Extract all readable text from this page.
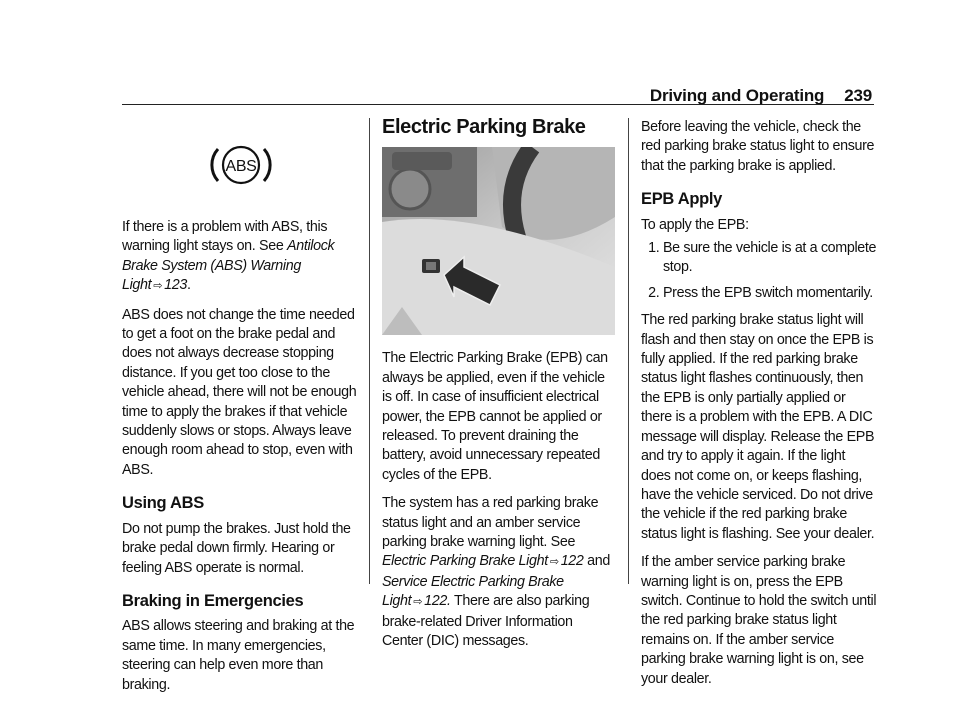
Driving and Operating 239
ABS

If there is a problem with ABS, this warning light stays on. See Antilock Brake System (ABS) Warning Light ⇨ 123.

ABS does not change the time needed to get a foot on the brake pedal and does not always decrease stopping distance. If you get too close to the vehicle ahead, there will not be enough time to apply the brakes if that vehicle suddenly slows or stops. Always leave enough room ahead to stop, even with ABS.

Using ABS

Do not pump the brakes. Just hold the brake pedal down firmly. Hearing or feeling ABS operate is normal.

Braking in Emergencies

ABS allows steering and braking at the same time. In many emergencies, steering can help even more than braking.

Electric Parking Brake

The Electric Parking Brake (EPB) can always be applied, even if the vehicle is off. In case of insufficient electrical power, the EPB cannot be applied or released. To prevent draining the battery, avoid unnecessary repeated cycles of the EPB.

The system has a red parking brake status light and an amber service parking brake warning light. See Electric Parking Brake Light ⇨ 122 and
Service Electric Parking Brake Light ⇨ 122. There are also parking brake-related Driver Information Center (DIC) messages.

Before leaving the vehicle, check the red parking brake status light to ensure that the parking brake is applied.

EPB Apply

To apply the EPB:

1. Be sure the vehicle is at a complete stop.
2. Press the EPB switch momentarily.

The red parking brake status light will flash and then stay on once the EPB is fully applied. If the red parking brake status light flashes continuously, then the EPB is only partially applied or there is a problem with the EPB. A DIC message will display. Release the EPB and try to apply it again. If the light does not come on, or keeps flashing, have the vehicle serviced. Do not drive the vehicle if the red parking brake status light is flashing. See your dealer.

If the amber service parking brake warning light is on, press the EPB switch. Continue to hold the switch until the red parking brake status light remains on. If the amber service parking brake warning light is on, see your dealer.
